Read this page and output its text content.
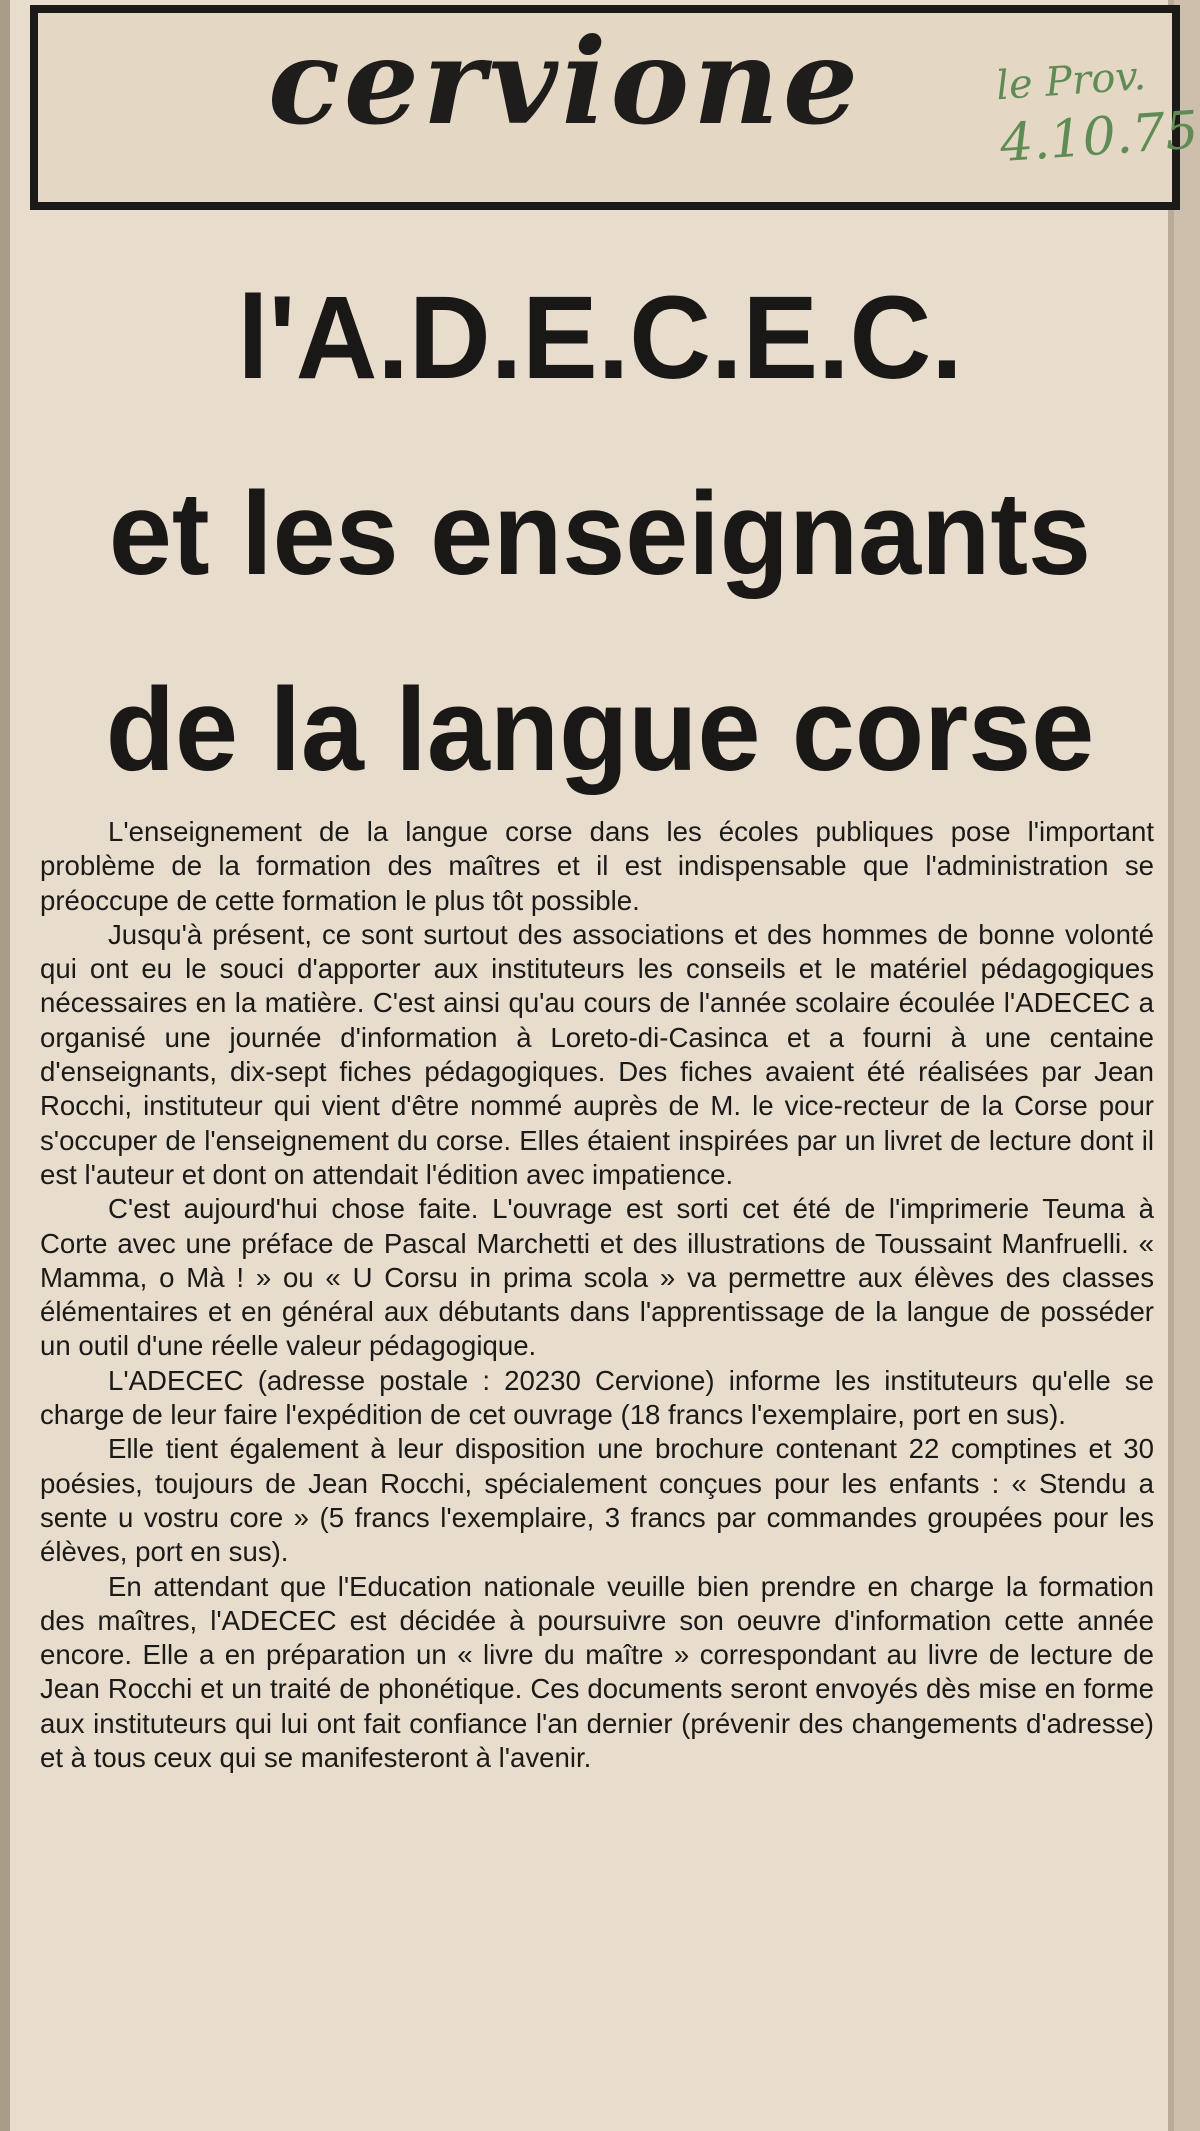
cervione	le Prov.
4.10.75
l'A.D.E.C.E.C.
et les enseignants
de la langue corse

L'enseignement de la langue corse dans les écoles publiques pose l'important problème de la formation des maîtres et il est indispensable que l'administration se préoccupe de cette formation le plus tôt possible.

Jusqu'à présent, ce sont surtout des associations et des hommes de bonne volonté qui ont eu le souci d'apporter aux instituteurs les conseils et le matériel pédagogiques nécessaires en la matière. C'est ainsi qu'au cours de l'année scolaire écoulée l'ADECEC a organisé une journée d'information à Loreto-di-Casinca et a fourni à une centaine d'enseignants, dix-sept fiches pédagogiques. Des fiches avaient été réalisées par Jean Rocchi, instituteur qui vient d'être nommé auprès de M. le vice-recteur de la Corse pour s'occuper de l'enseignement du corse. Elles étaient inspirées par un livret de lecture dont il est l'auteur et dont on attendait l'édition avec impatience.

C'est aujourd'hui chose faite. L'ouvrage est sorti cet été de l'imprimerie Teuma à Corte avec une préface de Pascal Marchetti et des illustrations de Toussaint Manfruelli. « Mamma, o Mà ! » ou « U Corsu in prima scola » va permettre aux élèves des classes élémentaires et en général aux débutants dans l'apprentissage de la langue de posséder un outil d'une réelle valeur pédagogique.

L'ADECEC (adresse postale : 20230 Cervione) informe les instituteurs qu'elle se charge de leur faire l'expédition de cet ouvrage (18 francs l'exemplaire, port en sus).

Elle tient également à leur disposition une brochure contenant 22 comptines et 30 poésies, toujours de Jean Rocchi, spécialement conçues pour les enfants : « Stendu a sente u vostru core » (5 francs l'exemplaire, 3 francs par commandes groupées pour les élèves, port en sus).

En attendant que l'Education nationale veuille bien prendre en charge la formation des maîtres, l'ADECEC est décidée à poursuivre son oeuvre d'information cette année encore. Elle a en préparation un « livre du maître » correspondant au livre de lecture de Jean Rocchi et un traité de phonétique. Ces documents seront envoyés dès mise en forme aux instituteurs qui lui ont fait confiance l'an dernier (prévenir des changements d'adresse) et à tous ceux qui se manifesteront à l'avenir.
